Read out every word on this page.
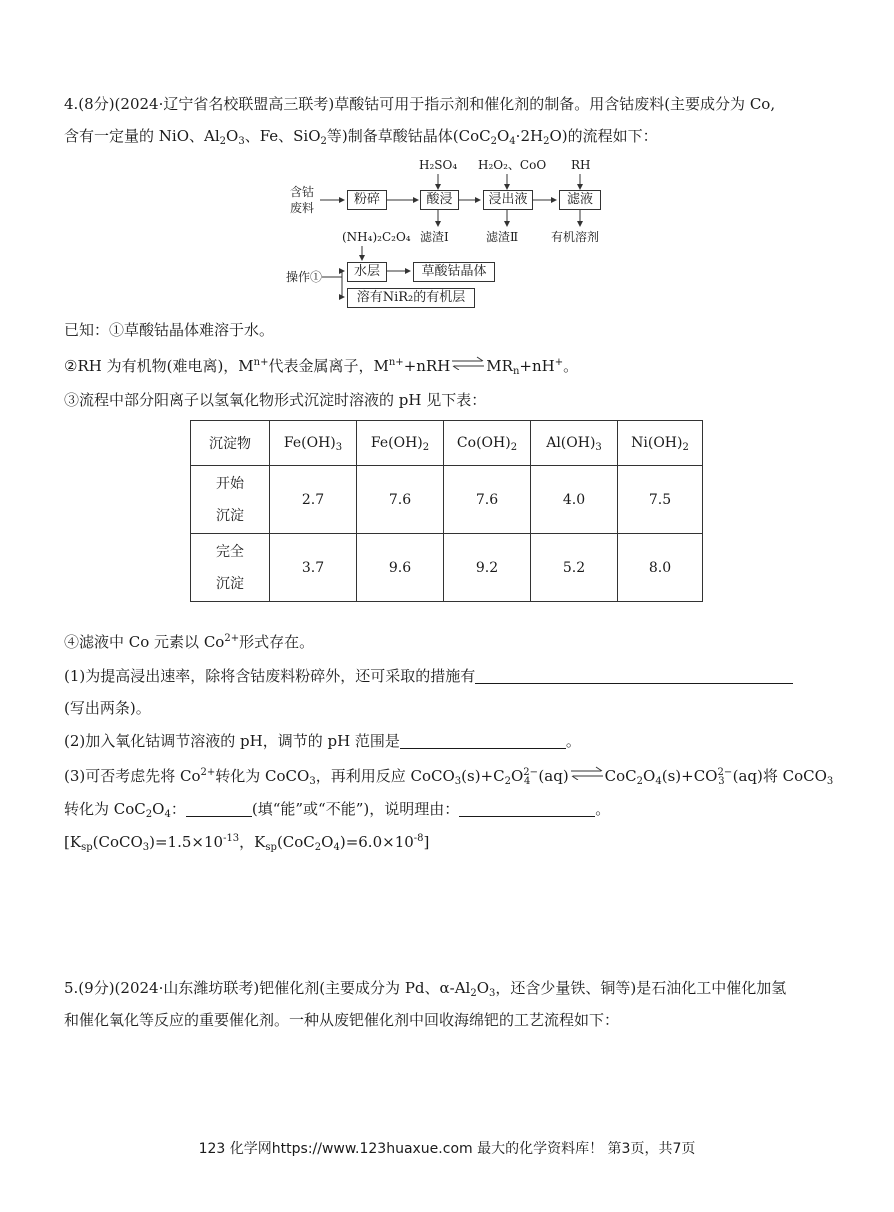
4.(8分)(2024·辽宁省名校联盟高三联考)草酸钴可用于指示剂和催化剂的制备。用含钴废料(主要成分为 Co,
含有一定量的 NiO、$Al_2O_3$、Fe、SiO$_2$等)制备草酸钴晶体$(CoC_2O_4\cdot 2H_2O)$的流程如下：
含钴
废料
粉碎	酸浸	浸出液	滤液
H₂SO₄ H₂O₂、CoO RH
滤渣Ⅰ	滤渣Ⅱ	有机溶剂
(NH₄)₂C₂O₄
操作①	水层	草酸钴晶体
溶有NiR₂的有机层
已知：①草酸钴晶体难溶于水。
②RH 为有机物(难电离)，$M^{n+}$代表金属离子，$M^{n+}+nRH\rightleftharpoons MR_n+nH^+$。
③流程中部分阳离子以氢氧化物形式沉淀时溶液的 pH 见下表：
沉淀物	$Fe(OH)_3$	$Fe(OH)_2$	$Co(OH)_2$	$Al(OH)_3$	$Ni(OH)_2$
开始
沉淀	2.7	7.6	7.6	4.0	7.5
完全
沉淀	3.7	9.6	9.2	5.2	8.0
④滤液中 Co 元素以 $Co^{2+}$形式存在。
(1)为提高浸出速率，除将含钴废料粉碎外，还可采取的措施有
(写出两条)。
(2)加入氧化钴调节溶液的 pH，调节的 pH 范围是	。
(3)可否考虑先将 $Co^{2+}$转化为 CoCO$_3$，再利用反应 $CoCO_3(s)+C_2O^{2-}_4$ $(aq)\rightleftharpoons CoC_2O_4(s)+CO^{2-}_3$ (aq)将 CoCO$_3$
转化为 $CoC_2O_4$：	(填“能”或“不能”)，说明理由：	。
[$K_{sp}(CoCO_3)=1.5\times 10^{-13}$，$K_{sp}(CoC_2O_4)=6.0\times 10^{-8}$]
5.(9分)(2024·山东潍坊联考)钯催化剂(主要成分为 Pd、$\alpha-Al_2O_3$，还含少量铁、铜等)是石油化工中催化加氢
和催化氧化等反应的重要催化剂。一种从废钯催化剂中回收海绵钯的工艺流程如下：
123 化学网https://www.123huaxue.com 最大的化学资料库！ 第3页，共7页
